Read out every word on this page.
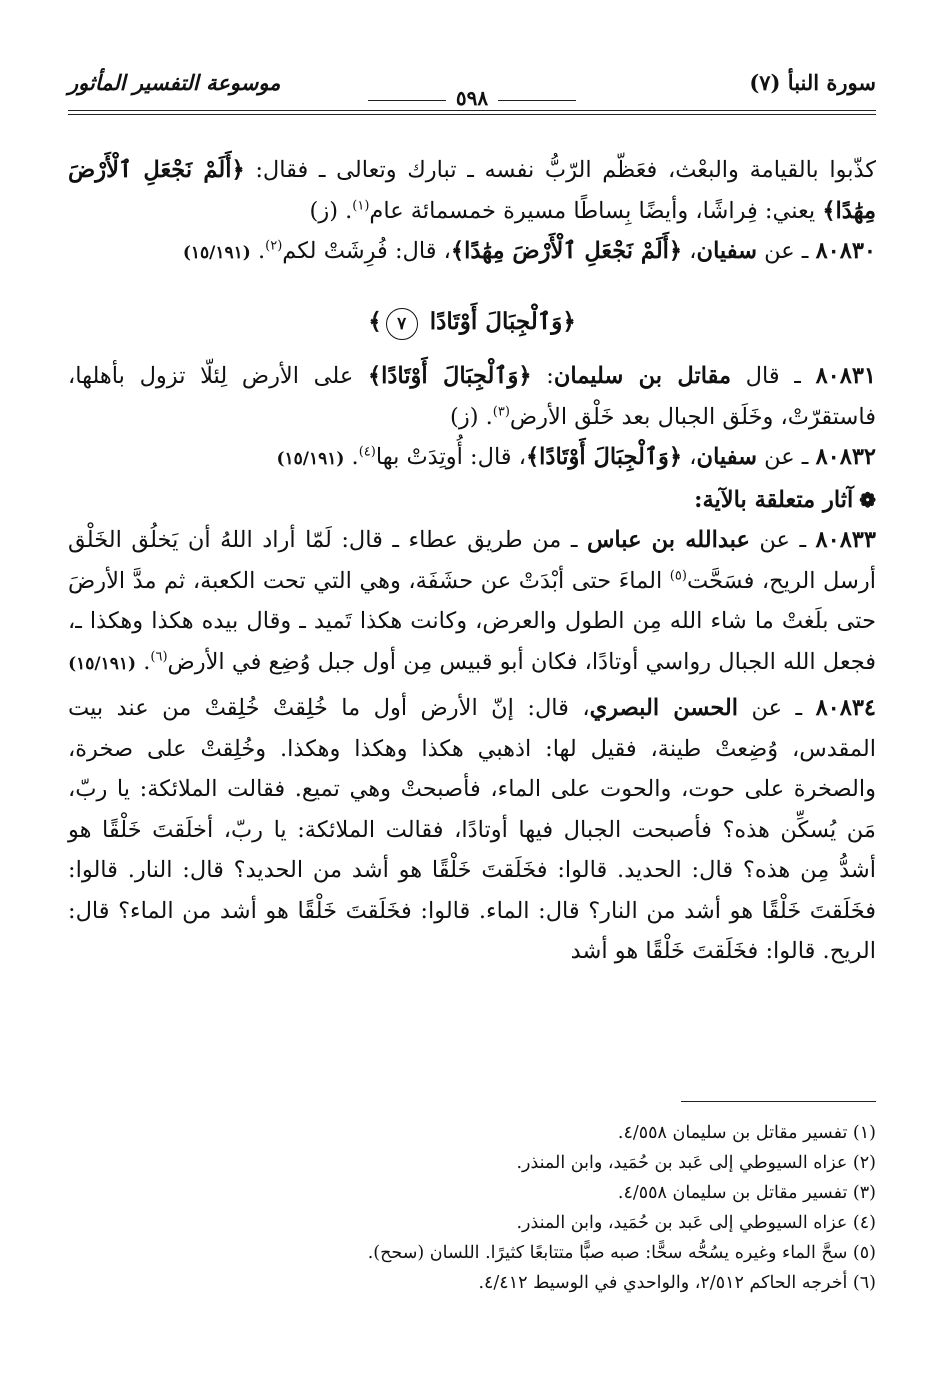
سورة النبأ (٧)
موسوعة التفسير المأثور
٥٩٨

كذّبوا بالقيامة والبعْث، فعَظّم الرّبُّ نفسه ـ تبارك وتعالى ـ فقال: ﴿أَلَمْ نَجْعَلِ ٱلْأَرْضَ مِهَٰدًا﴾ يعني: فِراشًا، وأيضًا بِساطًا مسيرة خمسمائة عام$^{(١)}$. (ز)

٨٠٨٣٠ ـ عن سفيان، ﴿أَلَمْ نَجْعَلِ ٱلْأَرْضَ مِهَٰدًا﴾، قال: فُرِشَتْ لكم$^{(٢)}$. (١٥/١٩١)

﴿وَٱلْجِبَالَ أَوْتَادًا ٧﴾

٨٠٨٣١ ـ قال مقاتل بن سليمان: ﴿وَٱلْجِبَالَ أَوْتَادًا﴾ على الأرض لِئلّا تزول بأهلها، فاستقرّتْ، وخَلَق الجبال بعد خَلْق الأرض$^{(٣)}$. (ز)

٨٠٨٣٢ ـ عن سفيان، ﴿وَٱلْجِبَالَ أَوْتَادًا﴾، قال: أُوتِدَتْ بها$^{(٤)}$. (١٥/١٩١)

❁آثار متعلقة بالآية:

٨٠٨٣٣ ـ عن عبدالله بن عباس ـ من طريق عطاء ـ قال: لَمّا أراد اللهُ أن يَخلُق الخَلْق أرسل الريح، فسَحَّت$^{(٥)}$ الماءَ حتى أبْدَتْ عن حشَفَة، وهي التي تحت الكعبة، ثم مدَّ الأرضَ حتى بلَغتْ ما شاء الله مِن الطول والعرض، وكانت هكذا تَميد ـ وقال بيده هكذا وهكذا ـ، فجعل الله الجبال رواسي أوتادًا، فكان أبو قبيس مِن أول جبل وُضِع في الأرض$^{(٦)}$. (١٥/١٩١)

٨٠٨٣٤ ـ عن الحسن البصري، قال: إنّ الأرض أول ما خُلِقتْ خُلِقتْ من عند بيت المقدس، وُضِعتْ طينة، فقيل لها: اذهبي هكذا وهكذا وهكذا. وخُلِقتْ على صخرة، والصخرة على حوت، والحوت على الماء، فأصبحتْ وهي تميع. فقالت الملائكة: يا ربّ، مَن يُسكِّن هذه؟ فأصبحت الجبال فيها أوتادًا، فقالت الملائكة: يا ربّ، أخلَقتَ خَلْقًا هو أشدُّ مِن هذه؟ قال: الحديد. قالوا: فخَلَقتَ خَلْقًا هو أشد من الحديد؟ قال: النار. قالوا: فخَلَقتَ خَلْقًا هو أشد من النار؟ قال: الماء. قالوا: فخَلَقتَ خَلْقًا هو أشد من الماء؟ قال: الريح. قالوا: فخَلَقتَ خَلْقًا هو أشد

(١) تفسير مقاتل بن سليمان ٤/٥٥٨.
(٢) عزاه السيوطي إلى عَبد بن حُمَيد، وابن المنذر.
(٣) تفسير مقاتل بن سليمان ٤/٥٥٨.
(٤) عزاه السيوطي إلى عَبد بن حُمَيد، وابن المنذر.
(٥) سحَّ الماء وغيره يسُحُّه سحًّا: صبه صبًّا متتابعًا كثيرًا. اللسان (سحح).
(٦) أخرجه الحاكم ٢/٥١٢، والواحدي في الوسيط ٤/٤١٢.
